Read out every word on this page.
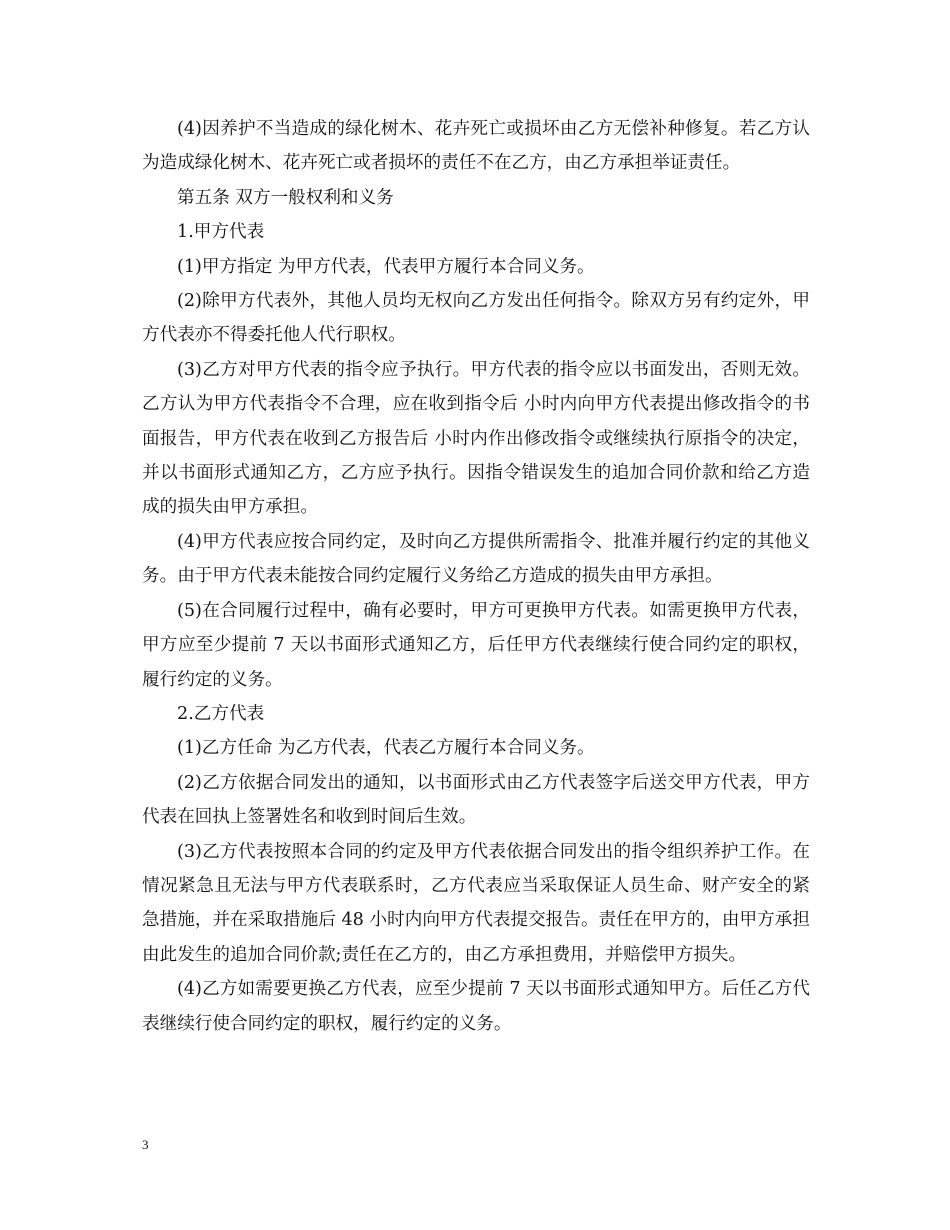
(4)因养护不当造成的绿化树木、花卉死亡或损坏由乙方无偿补种修复。若乙方认为造成绿化树木、花卉死亡或者损坏的责任不在乙方，由乙方承担举证责任。

第五条 双方一般权利和义务

1.甲方代表

(1)甲方指定 为甲方代表，代表甲方履行本合同义务。

(2)除甲方代表外，其他人员均无权向乙方发出任何指令。除双方另有约定外，甲方代表亦不得委托他人代行职权。

(3)乙方对甲方代表的指令应予执行。甲方代表的指令应以书面发出，否则无效。乙方认为甲方代表指令不合理，应在收到指令后 小时内向甲方代表提出修改指令的书面报告，甲方代表在收到乙方报告后 小时内作出修改指令或继续执行原指令的决定，并以书面形式通知乙方，乙方应予执行。因指令错误发生的追加合同价款和给乙方造成的损失由甲方承担。

(4)甲方代表应按合同约定，及时向乙方提供所需指令、批准并履行约定的其他义务。由于甲方代表未能按合同约定履行义务给乙方造成的损失由甲方承担。

(5)在合同履行过程中，确有必要时，甲方可更换甲方代表。如需更换甲方代表，甲方应至少提前 7 天以书面形式通知乙方，后任甲方代表继续行使合同约定的职权，履行约定的义务。

2.乙方代表

(1)乙方任命 为乙方代表，代表乙方履行本合同义务。

(2)乙方依据合同发出的通知，以书面形式由乙方代表签字后送交甲方代表，甲方代表在回执上签署姓名和收到时间后生效。

(3)乙方代表按照本合同的约定及甲方代表依据合同发出的指令组织养护工作。在情况紧急且无法与甲方代表联系时，乙方代表应当采取保证人员生命、财产安全的紧急措施，并在采取措施后 48 小时内向甲方代表提交报告。责任在甲方的，由甲方承担由此发生的追加合同价款;责任在乙方的，由乙方承担费用，并赔偿甲方损失。

(4)乙方如需要更换乙方代表，应至少提前 7 天以书面形式通知甲方。后任乙方代表继续行使合同约定的职权，履行约定的义务。

3
